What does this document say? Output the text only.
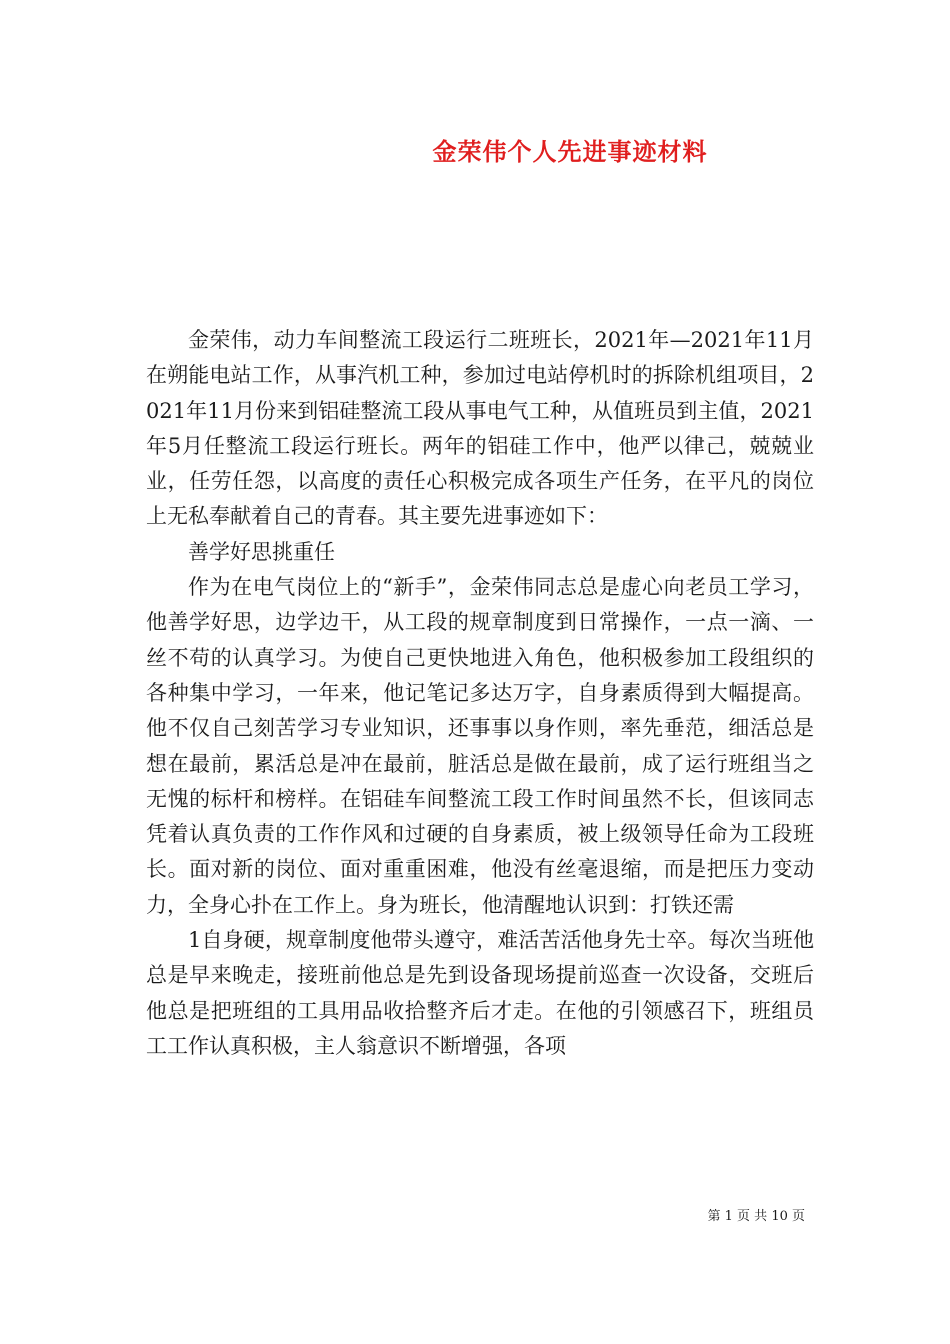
金荣伟个人先进事迹材料

金荣伟，动力车间整流工段运行二班班长，2021年—2021年11月在朔能电站工作，从事汽机工种，参加过电站停机时的拆除机组项目，2021年11月份来到铝硅整流工段从事电气工种，从值班员到主值，2021年5月任整流工段运行班长。两年的铝硅工作中，他严以律己，兢兢业业，任劳任怨，以高度的责任心积极完成各项生产任务，在平凡的岗位上无私奉献着自己的青春。其主要先进事迹如下：

善学好思挑重任

作为在电气岗位上的“新手”，金荣伟同志总是虚心向老员工学习，他善学好思，边学边干，从工段的规章制度到日常操作，一点一滴、一丝不苟的认真学习。为使自己更快地进入角色，他积极参加工段组织的各种集中学习，一年来，他记笔记多达万字，自身素质得到大幅提高。他不仅自己刻苦学习专业知识，还事事以身作则，率先垂范，细活总是想在最前，累活总是冲在最前，脏活总是做在最前，成了运行班组当之无愧的标杆和榜样。在铝硅车间整流工段工作时间虽然不长，但该同志凭着认真负责的工作作风和过硬的自身素质，被上级领导任命为工段班长。面对新的岗位、面对重重困难，他没有丝毫退缩，而是把压力变动力，全身心扑在工作上。身为班长，他清醒地认识到：打铁还需

1自身硬，规章制度他带头遵守，难活苦活他身先士卒。每次当班他总是早来晚走，接班前他总是先到设备现场提前巡查一次设备，交班后他总是把班组的工具用品收拾整齐后才走。在他的引领感召下，班组员工工作认真积极，主人翁意识不断增强，各项

第 1 页 共 10 页
